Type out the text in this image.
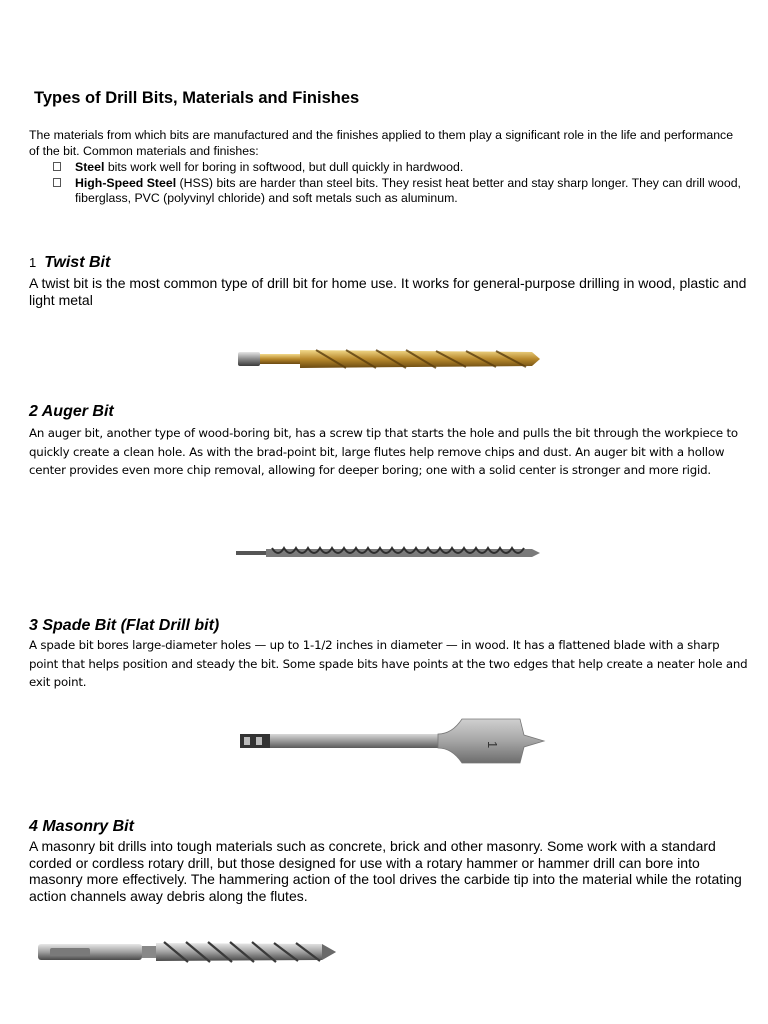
Types of Drill Bits, Materials and Finishes
The materials from which bits are manufactured and the finishes applied to them play a significant role in the life and performance of the bit. Common materials and finishes:
Steel bits work well for boring in softwood, but dull quickly in hardwood.
High-Speed Steel (HSS) bits are harder than steel bits. They resist heat better and stay sharp longer. They can drill wood, fiberglass, PVC (polyvinyl chloride) and soft metals such as aluminum.
1 Twist Bit
A twist bit is the most common type of drill bit for home use. It works for general-purpose drilling in wood, plastic and light metal
2 Auger Bit
An auger bit, another type of wood-boring bit, has a screw tip that starts the hole and pulls the bit through the workpiece to quickly create a clean hole. As with the brad-point bit, large flutes help remove chips and dust. An auger bit with a hollow center provides even more chip removal, allowing for deeper boring; one with a solid center is stronger and more rigid.
3 Spade Bit (Flat Drill bit)
A spade bit bores large-diameter holes — up to 1-1/2 inches in diameter — in wood. It has a flattened blade with a sharp point that helps position and steady the bit. Some spade bits have points at the two edges that help create a neater hole and exit point.
1
4 Masonry Bit
A masonry bit drills into tough materials such as concrete, brick and other masonry. Some work with a standard corded or cordless rotary drill, but those designed for use with a rotary hammer or hammer drill can bore into masonry more effectively. The hammering action of the tool drives the carbide tip into the material while the rotating action channels away debris along the flutes.
